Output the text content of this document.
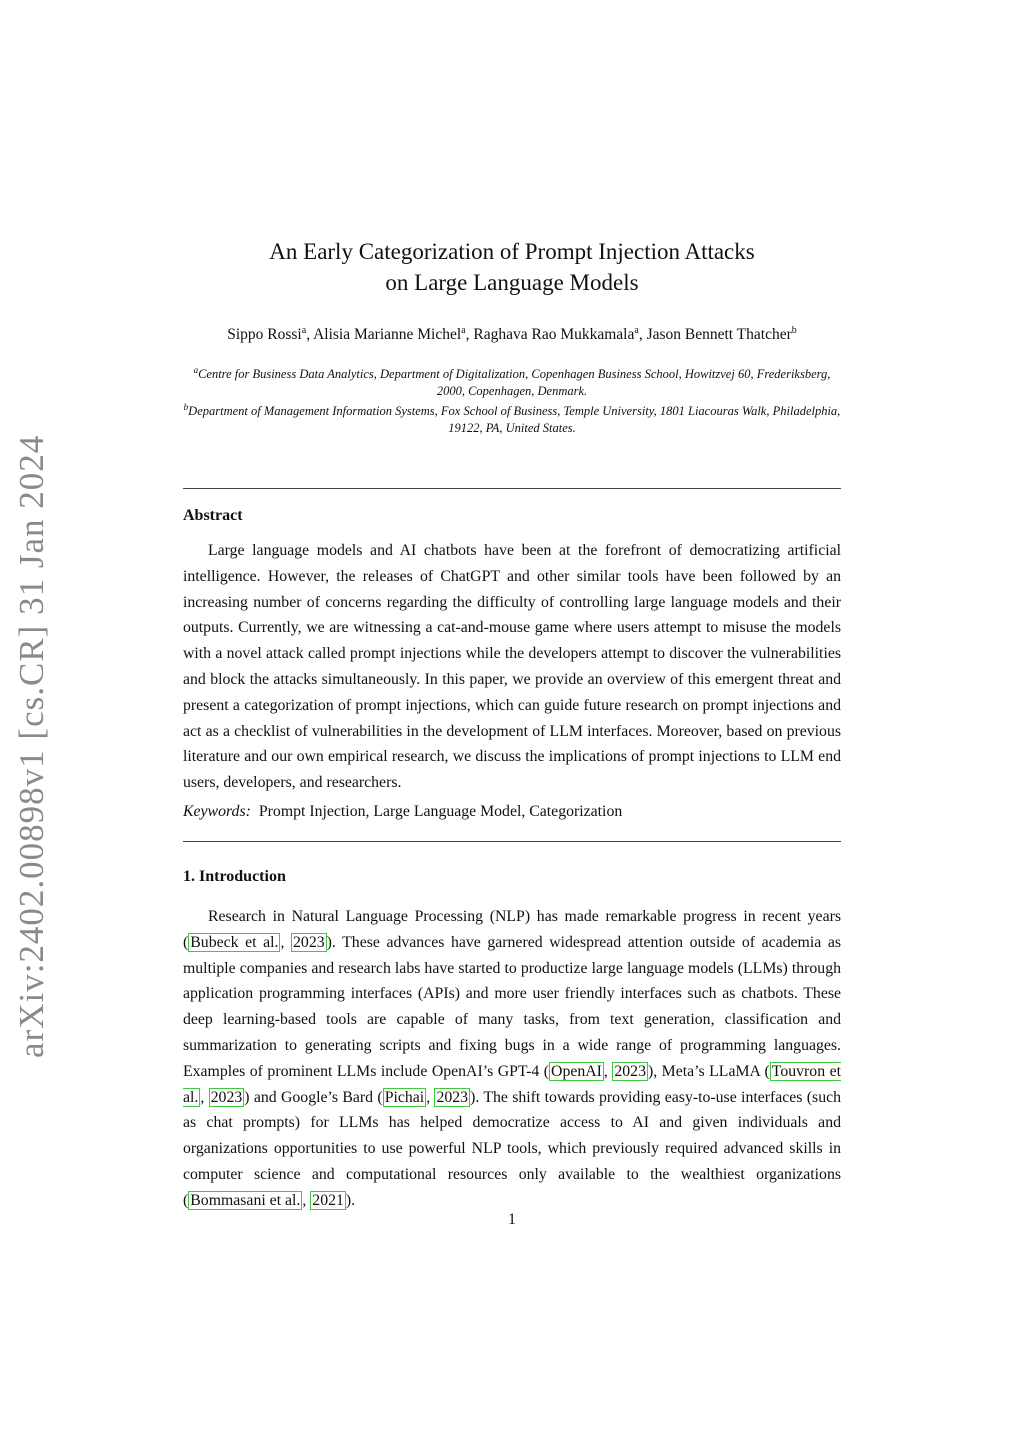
arXiv:2402.00898v1 [cs.CR] 31 Jan 2024
An Early Categorization of Prompt Injection Attacks
on Large Language Models
Sippo Rossi$^a$, Alisia Marianne Michel$^a$, Raghava Rao Mukkamala$^a$, Jason Bennett Thatcher$^b$
$^a$Centre for Business Data Analytics, Department of Digitalization, Copenhagen Business School, Howitzvej 60, Frederiksberg, 2000, Copenhagen, Denmark.
$^b$Department of Management Information Systems, Fox School of Business, Temple University, 1801 Liacouras Walk, Philadelphia, 19122, PA, United States.
Abstract

Large language models and AI chatbots have been at the forefront of democratizing artificial intelligence. However, the releases of ChatGPT and other similar tools have been followed by an increasing number of concerns regarding the difficulty of controlling large language models and their outputs. Currently, we are witnessing a cat-and-mouse game where users attempt to misuse the models with a novel attack called prompt injections while the developers attempt to discover the vulnerabilities and block the attacks simultaneously. In this paper, we provide an overview of this emergent threat and present a categorization of prompt injections, which can guide future research on prompt injections and act as a checklist of vulnerabilities in the development of LLM interfaces. Moreover, based on previous literature and our own empirical research, we discuss the implications of prompt injections to LLM end users, developers, and researchers.

Keywords: Prompt Injection, Large Language Model, Categorization
1. Introduction

Research in Natural Language Processing (NLP) has made remarkable progress in recent years ( Bubeck et al. , 2023 ). These advances have garnered widespread attention outside of academia as multiple companies and research labs have started to productize large language models (LLMs) through application programming interfaces (APIs) and more user friendly interfaces such as chatbots. These deep learning-based tools are capable of many tasks, from text generation, classification and summarization to generating scripts and fixing bugs in a wide range of programming languages. Examples of prominent LLMs include OpenAI’s GPT-4 ( OpenAI , 2023 ), Meta’s LLaMA ( Touvron et al. , 2023 ) and Google’s Bard ( Pichai , 2023 ). The shift towards providing easy-to-use interfaces (such as chat prompts) for LLMs has helped democratize access to AI and given individuals and organizations opportunities to use powerful NLP tools, which previously required advanced skills in computer science and computational resources only available to the wealthiest organizations ( Bommasani et al. , 2021 ).

1
